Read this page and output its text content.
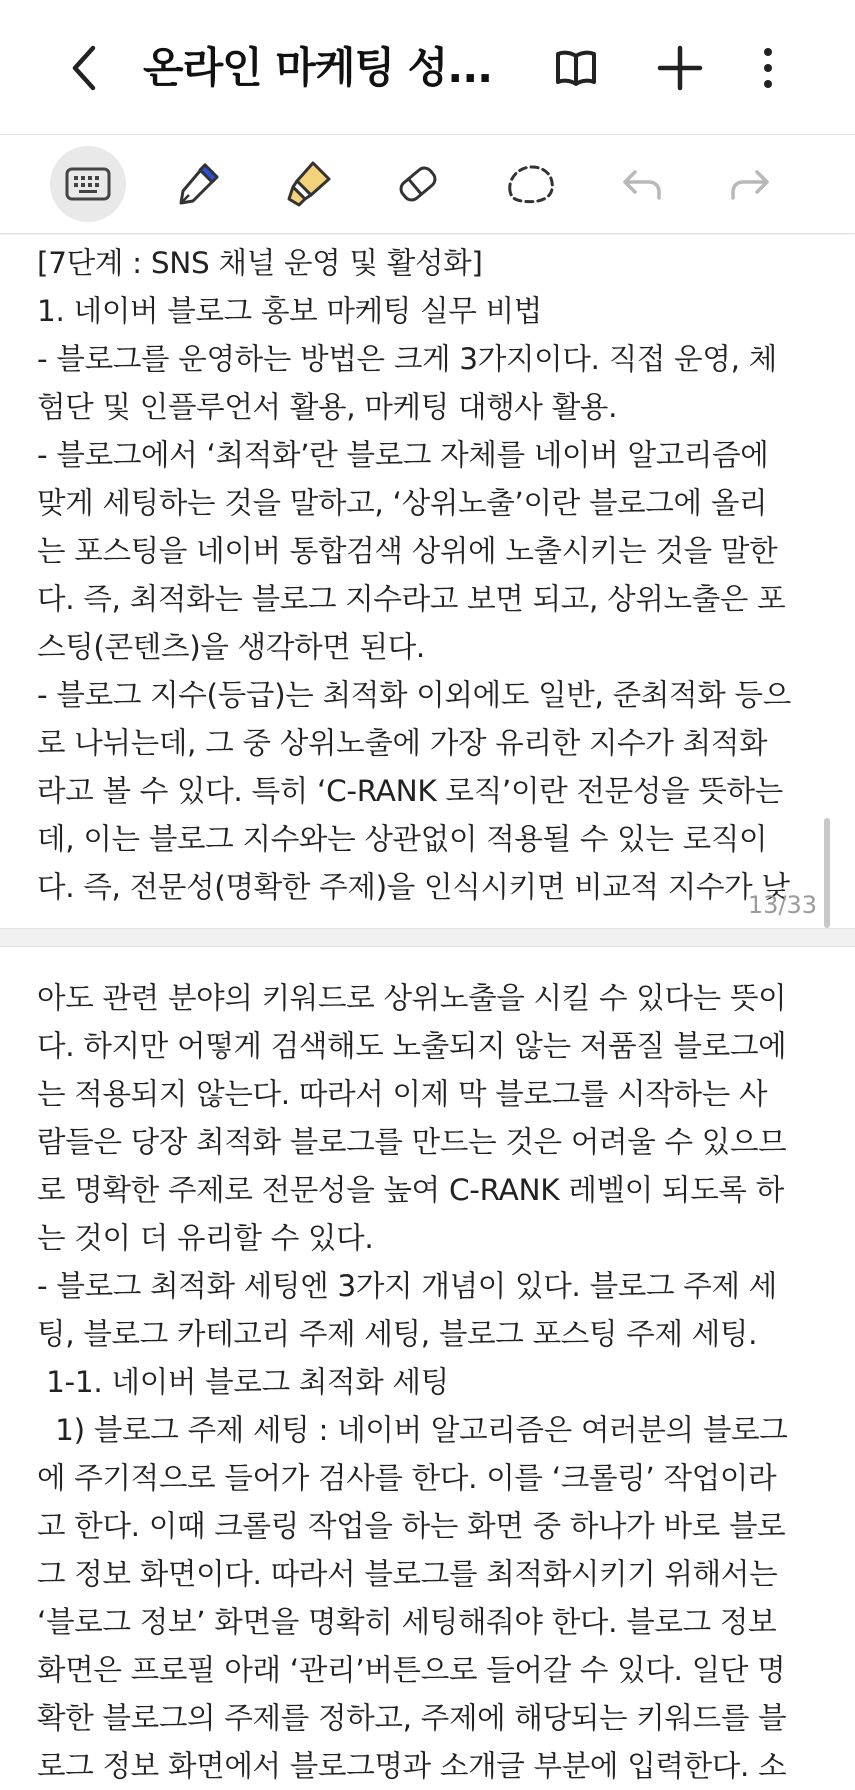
온라인 마케팅 성...
[7단계 : SNS 채널 운영 및 활성화]
1. 네이버 블로그 홍보 마케팅 실무 비법
- 블로그를 운영하는 방법은 크게 3가지이다. 직접 운영, 체
험단 및 인플루언서 활용, 마케팅 대행사 활용.
- 블로그에서 ‘최적화’란 블로그 자체를 네이버 알고리즘에
맞게 세팅하는 것을 말하고, ‘상위노출’이란 블로그에 올리
는 포스팅을 네이버 통합검색 상위에 노출시키는 것을 말한
다. 즉, 최적화는 블로그 지수라고 보면 되고, 상위노출은 포
스팅(콘텐츠)을 생각하면 된다.
- 블로그 지수(등급)는 최적화 이외에도 일반, 준최적화 등으
로 나뉘는데, 그 중 상위노출에 가장 유리한 지수가 최적화
라고 볼 수 있다. 특히 ‘C-RANK 로직’이란 전문성을 뜻하는
데, 이는 블로그 지수와는 상관없이 적용될 수 있는 로직이
다. 즉, 전문성(명확한 주제)을 인식시키면 비교적 지수가 낮
13/33
아도 관련 분야의 키워드로 상위노출을 시킬 수 있다는 뜻이
다. 하지만 어떻게 검색해도 노출되지 않는 저품질 블로그에
는 적용되지 않는다. 따라서 이제 막 블로그를 시작하는 사
람들은 당장 최적화 블로그를 만드는 것은 어려울 수 있으므
로 명확한 주제로 전문성을 높여 C-RANK 레벨이 되도록 하
는 것이 더 유리할 수 있다.
- 블로그 최적화 세팅엔 3가지 개념이 있다. 블로그 주제 세
팅, 블로그 카테고리 주제 세팅, 블로그 포스팅 주제 세팅.
1-1. 네이버 블로그 최적화 세팅
1) 블로그 주제 세팅 : 네이버 알고리즘은 여러분의 블로그
에 주기적으로 들어가 검사를 한다. 이를 ‘크롤링’ 작업이라
고 한다. 이때 크롤링 작업을 하는 화면 중 하나가 바로 블로
그 정보 화면이다. 따라서 블로그를 최적화시키기 위해서는
‘블로그 정보’ 화면을 명확히 세팅해줘야 한다. 블로그 정보
화면은 프로필 아래 ‘관리’버튼으로 들어갈 수 있다. 일단 명
확한 블로그의 주제를 정하고, 주제에 해당되는 키워드를 블
로그 정보 화면에서 블로그명과 소개글 부분에 입력한다. 소
